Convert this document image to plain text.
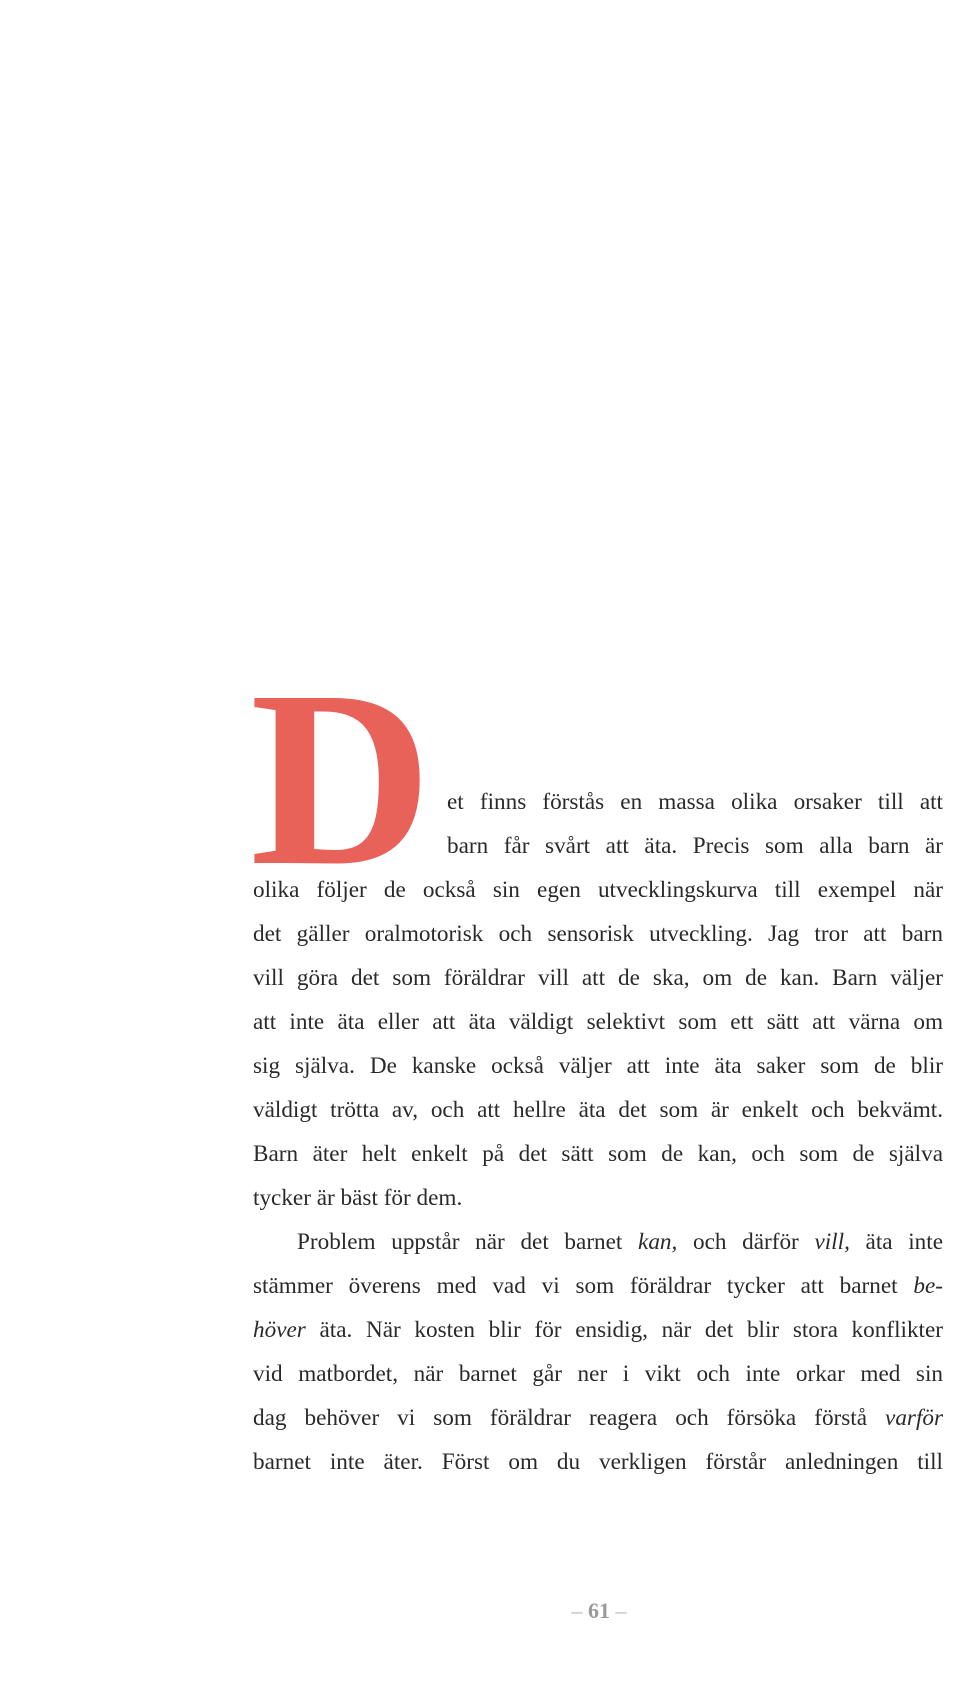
D et finns förstås en massa olika orsaker till att
barn får svårt att äta. Precis som alla barn är
olika följer de också sin egen utvecklingskurva till exempel när
det gäller oralmotorisk och sensorisk utveckling. Jag tror att barn
vill göra det som föräldrar vill att de ska, om de kan. Barn väljer
att inte äta eller att äta väldigt selektivt som ett sätt att värna om
sig själva. De kanske också väljer att inte äta saker som de blir
väldigt trötta av, och att hellre äta det som är enkelt och bekvämt.
Barn äter helt enkelt på det sätt som de kan, och som de själva
tycker är bäst för dem.
Problem uppstår när det barnet kan, och därför vill, äta inte
stämmer överens med vad vi som föräldrar tycker att barnet be-
höver äta. När kosten blir för ensidig, när det blir stora konflikter
vid matbordet, när barnet går ner i vikt och inte orkar med sin
dag behöver vi som föräldrar reagera och försöka förstå varför
barnet inte äter. Först om du verkligen förstår anledningen till
– 61 –
